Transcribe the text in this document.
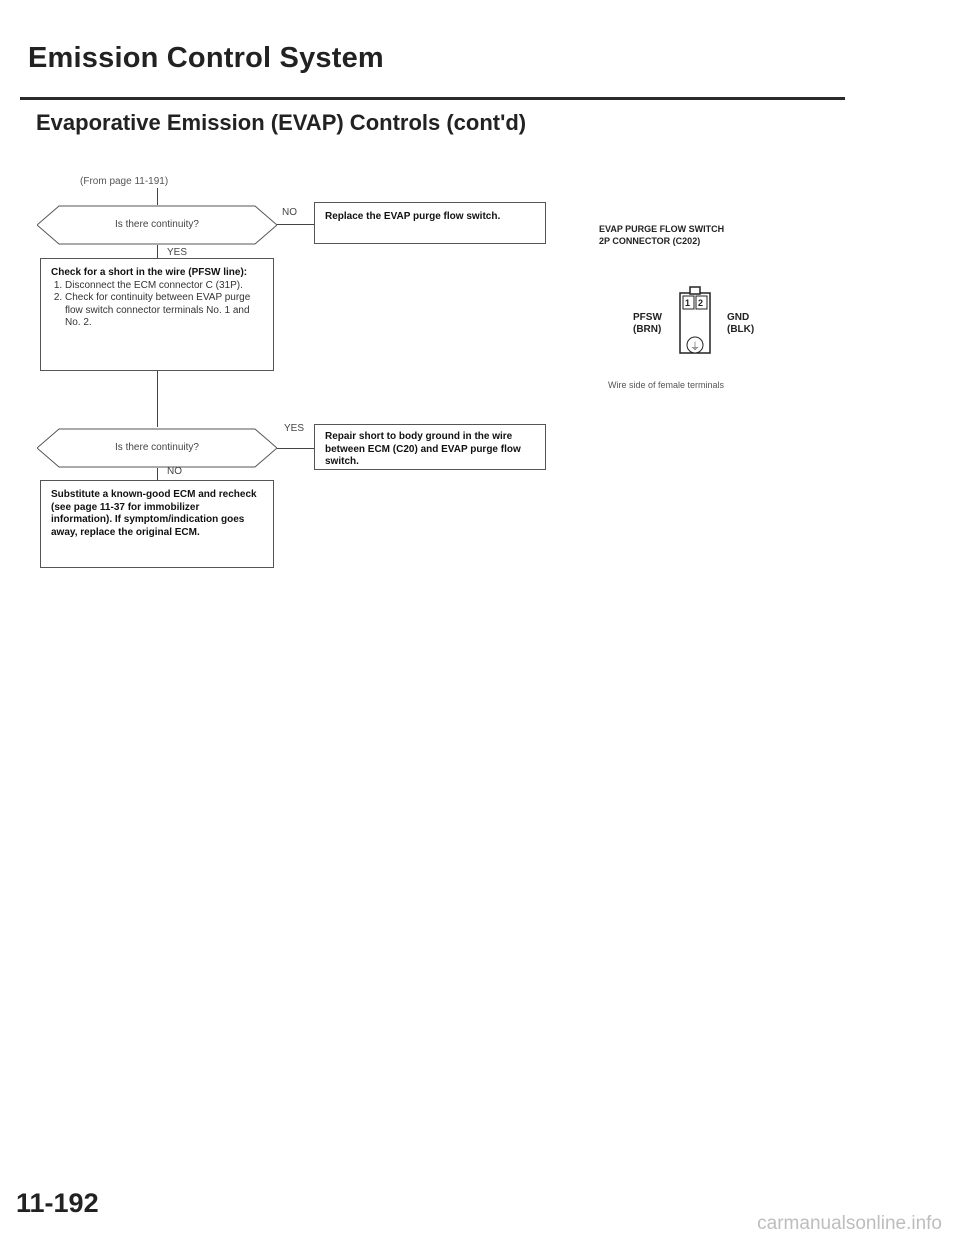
Emission Control System
Evaporative Emission (EVAP) Controls (cont'd)
(From page 11-191)
Is there continuity?
NO
YES
Replace the EVAP purge flow switch.
Check for a short in the wire (PFSW line):
1. Disconnect the ECM connector C (31P).
2. Check for continuity between EVAP purge flow switch connector terminals No. 1 and No. 2.
Is there continuity?
YES
NO
Repair short to body ground in the wire between ECM (C20) and EVAP purge flow switch.
Substitute a known-good ECM and recheck (see page 11-37 for immobilizer information). If symptom/indication goes away, replace the original ECM.
EVAP PURGE FLOW SWITCH
2P CONNECTOR (C202)
1 2
⏚
PFSW
(BRN)
GND
(BLK)
Wire side of female terminals
11-192
carmanualsonline.info
